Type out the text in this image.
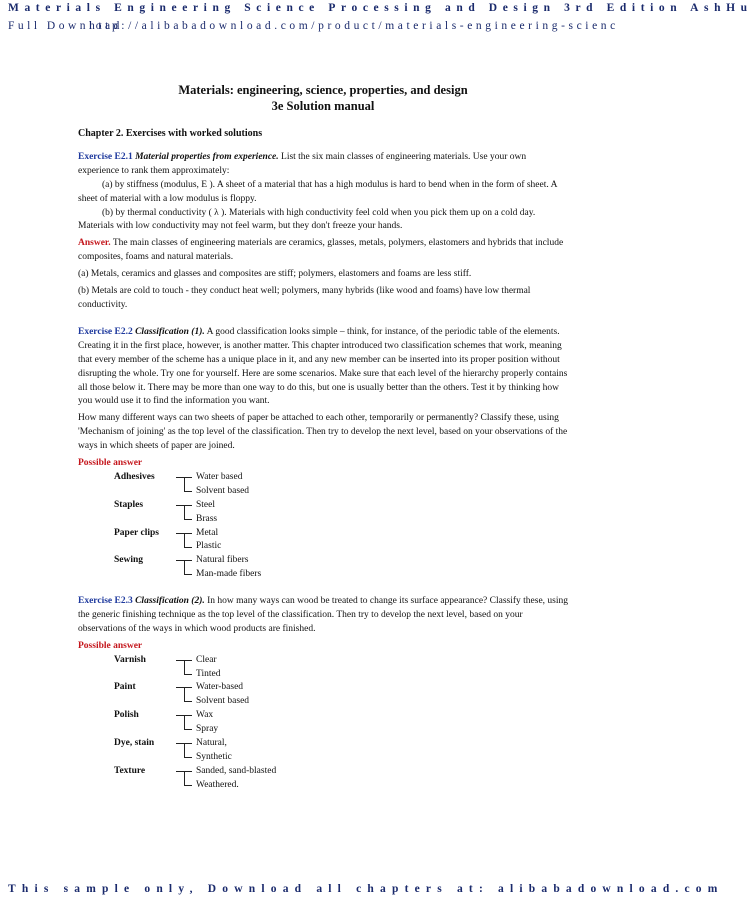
Materials Engineering Science Processing and Design 3rd Edition AshHu
Full Download
http://alibabadownload.com/product/materials-engineering-scienc
Materials: engineering, science, properties, and design
3e Solution manual
Chapter 2. Exercises with worked solutions

Exercise E2.1 Material properties from experience. List the six main classes of engineering materials. Use your own experience to rank them approximately:

(a) by stiffness (modulus, E ). A sheet of a material that has a high modulus is hard to bend when in the form of sheet. A sheet of material with a low modulus is floppy.

(b) by thermal conductivity ( λ ). Materials with high conductivity feel cold when you pick them up on a cold day. Materials with low conductivity may not feel warm, but they don't freeze your hands.

Answer. The main classes of engineering materials are ceramics, glasses, metals, polymers, elastomers and hybrids that include composites, foams and natural materials.

(a) Metals, ceramics and glasses and composites are stiff; polymers, elastomers and foams are less stiff.

(b) Metals are cold to touch - they conduct heat well; polymers, many hybrids (like wood and foams) have low thermal conductivity.

Exercise E2.2 Classification (1). A good classification looks simple – think, for instance, of the periodic table of the elements. Creating it in the first place, however, is another matter. This chapter introduced two classification schemes that work, meaning that every member of the scheme has a unique place in it, and any new member can be inserted into its proper position without disrupting the whole. Try one for yourself. Here are some scenarios. Make sure that each level of the hierarchy properly contains all those below it. There may be more than one way to do this, but one is usually better than the others. Test it by thinking how you would use it to find the information you want.

How many different ways can two sheets of paper be attached to each other, temporarily or permanently? Classify these, using 'Mechanism of joining' as the top level of the classification. Then try to develop the next level, based on your observations of the ways in which sheets of paper are joined.

Possible answer
Adhesives	Water based
Solvent based
Staples	Steel
Brass
Paper clips	Metal
Plastic
Sewing	Natural fibers
Man-made fibers

Exercise E2.3 Classification (2). In how many ways can wood be treated to change its surface appearance? Classify these, using the generic finishing technique as the top level of the classification. Then try to develop the next level, based on your observations of the ways in which wood products are finished.

Possible answer
Varnish	Clear
Tinted
Paint	Water-based
Solvent based
Polish	Wax
Spray
Dye, stain	Natural,
Synthetic
Texture	Sanded, sand-blasted
Weathered.
This sample only, Download all chapters at: alibabadownload.com
